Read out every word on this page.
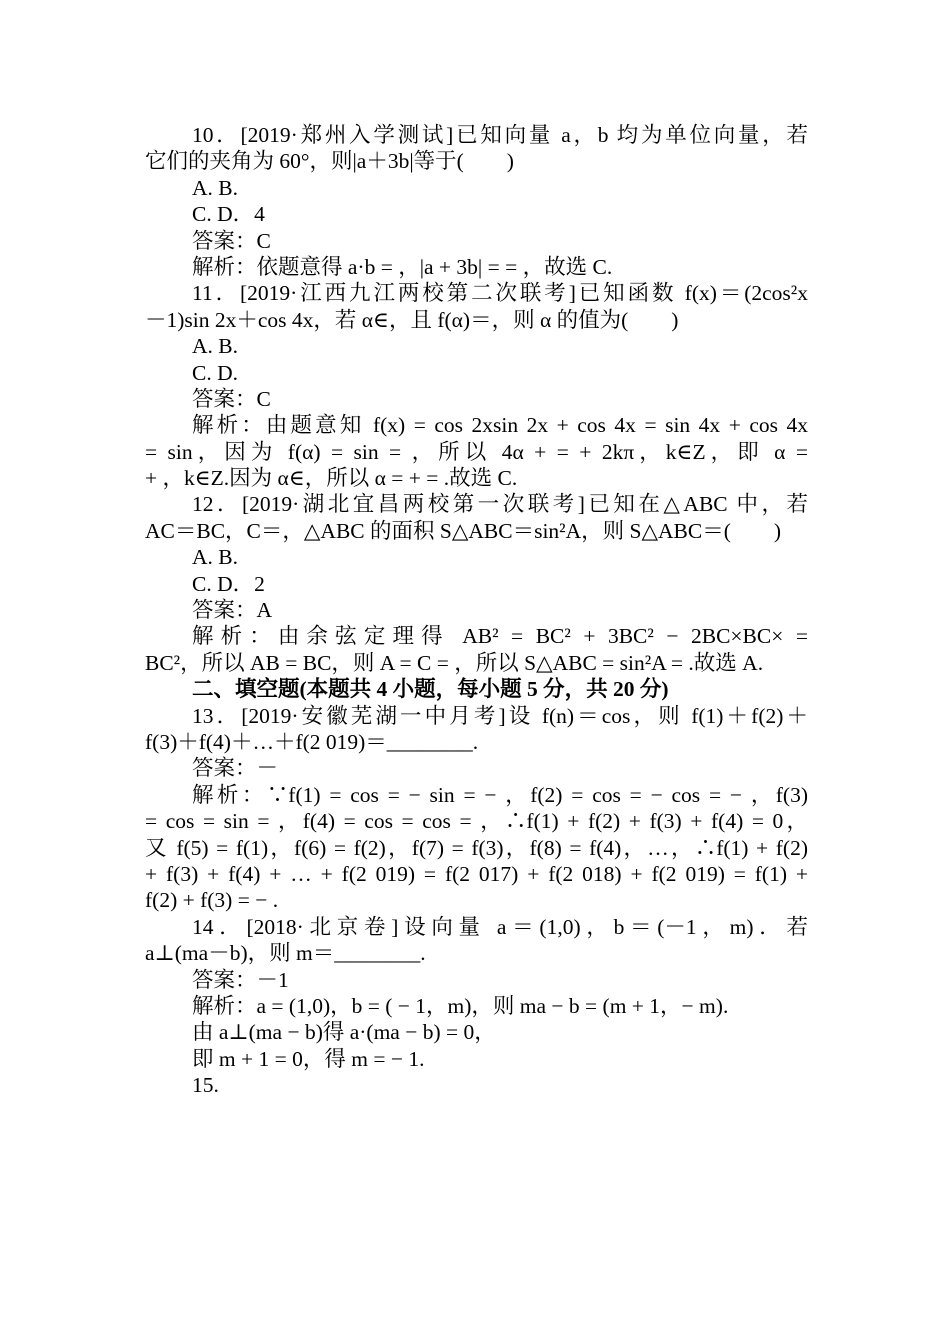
10．[2019·郑州入学测试]已知向量 a，b 均为单位向量，若
它们的夹角为 60°，则|a＋3b|等于(　　)
A. B.
C. D．4
答案：C
解析：依题意得 a·b = ，|a + 3b| = = ，故选 C.
11．[2019·江西九江两校第二次联考]已知函数 f(x)＝(2cos²x
－1)sin 2x＋cos 4x，若 α∈，且 f(α)＝，则 α 的值为(　　)
A. B.
C. D.
答案：C
解析：由题意知 f(x) = cos 2xsin 2x + cos 4x = sin 4x + cos 4x
= sin，因为 f(α) = sin = ，所以 4α + = + 2kπ，k∈Z，即 α =
+ ，k∈Z.因为 α∈，所以 α = + = .故选 C.
12．[2019·湖北宜昌两校第一次联考]已知在△ABC 中，若
AC＝BC，C＝，△ABC 的面积 S△ABC＝sin²A，则 S△ABC＝(　　)
A. B.
C. D．2
答案：A
解析：由余弦定理得 AB² = BC² + 3BC² − 2BC×BC× =
BC²，所以 AB = BC，则 A = C = ，所以 S△ABC = sin²A = .故选 A.
二、填空题(本题共 4 小题，每小题 5 分，共 20 分)
13．[2019·安徽芜湖一中月考]设 f(n)＝cos，则 f(1)＋f(2)＋
f(3)＋f(4)＋…＋f(2 019)＝________.
答案：－
解析：∵f(1) = cos = − sin = − ，f(2) = cos = − cos = − ，f(3)
= cos = sin = ，f(4) = cos = cos = ，∴f(1) + f(2) + f(3) + f(4) = 0，
又 f(5) = f(1)，f(6) = f(2)，f(7) = f(3)，f(8) = f(4)，…，∴f(1) + f(2)
+ f(3) + f(4) + … + f(2 019) = f(2 017) + f(2 018) + f(2 019) = f(1) +
f(2) + f(3) = − .
14．[2018·北京卷]设向量 a＝(1,0)，b＝(－1，m)．若
a⊥(ma－b)，则 m＝________.
答案：－1
解析：a = (1,0)，b = ( − 1，m)，则 ma − b = (m + 1，− m).
由 a⊥(ma − b)得 a·(ma − b) = 0，
即 m + 1 = 0，得 m = − 1.
15.
